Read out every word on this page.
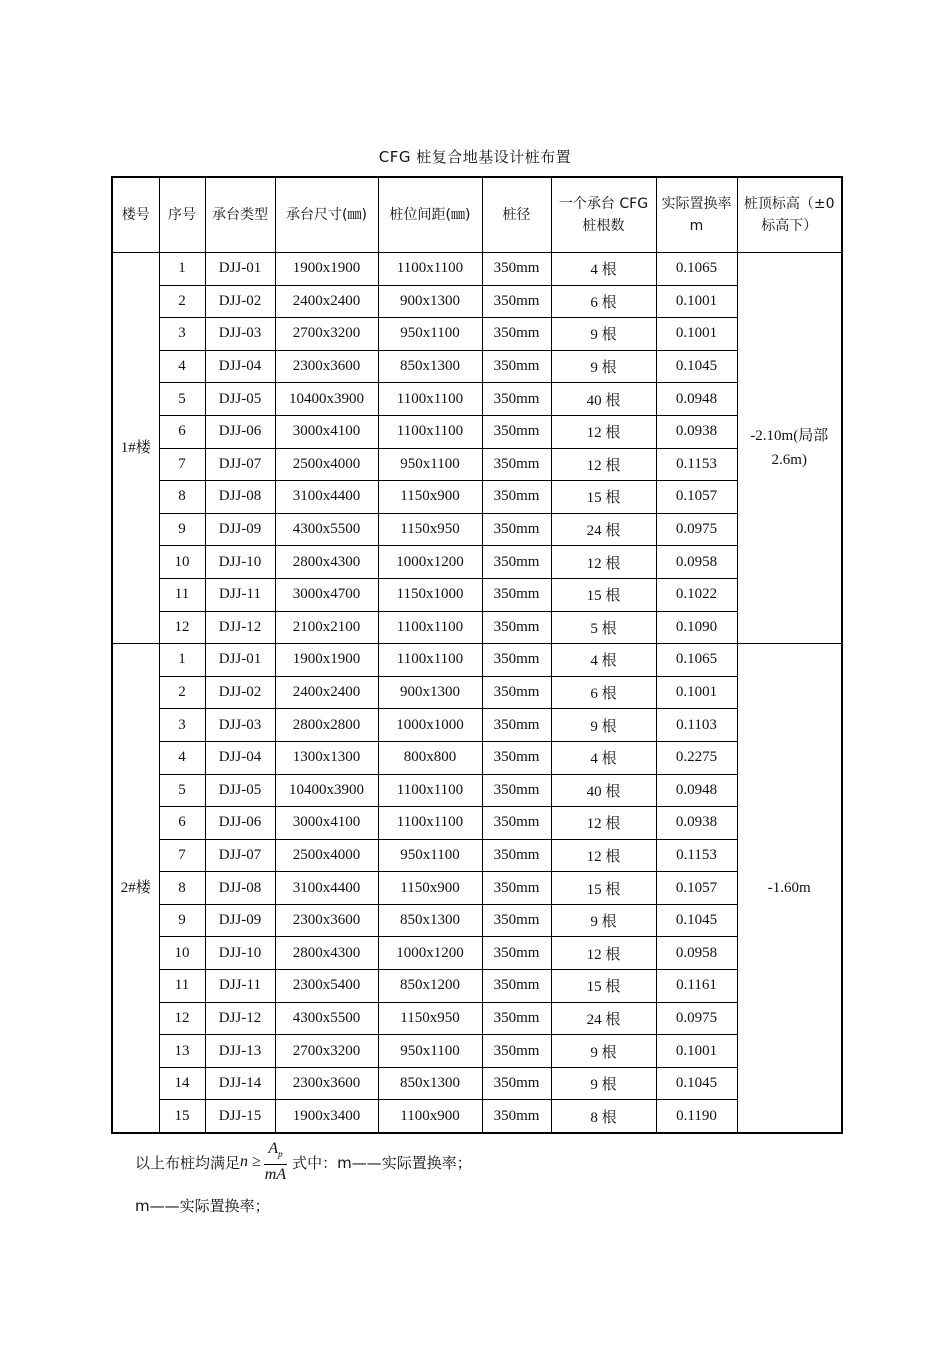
CFG 桩复合地基设计桩布置
楼号	序号	承台类型	承台尺寸(㎜)	桩位间距(㎜)	桩径	一个承台 CFG 桩根数	实际置换率 m	桩顶标高（±0 标高下）
1#楼	1	DJJ-01	1900x1900	1100x1100	350mm	4 根	0.1065	-2.10m(局部2.6m)
	2	DJJ-02	2400x2400	900x1300	350mm	6 根	0.1001	
	3	DJJ-03	2700x3200	950x1100	350mm	9 根	0.1001	
	4	DJJ-04	2300x3600	850x1300	350mm	9 根	0.1045	
	5	DJJ-05	10400x3900	1100x1100	350mm	40 根	0.0948	
	6	DJJ-06	3000x4100	1100x1100	350mm	12 根	0.0938	
	7	DJJ-07	2500x4000	950x1100	350mm	12 根	0.1153	
	8	DJJ-08	3100x4400	1150x900	350mm	15 根	0.1057	
	9	DJJ-09	4300x5500	1150x950	350mm	24 根	0.0975	
	10	DJJ-10	2800x4300	1000x1200	350mm	12 根	0.0958	
	11	DJJ-11	3000x4700	1150x1000	350mm	15 根	0.1022	
	12	DJJ-12	2100x2100	1100x1100	350mm	5 根	0.1090	
2#楼	1	DJJ-01	1900x1900	1100x1100	350mm	4 根	0.1065	-1.60m
	2	DJJ-02	2400x2400	900x1300	350mm	6 根	0.1001	
	3	DJJ-03	2800x2800	1000x1000	350mm	9 根	0.1103	
	4	DJJ-04	1300x1300	800x800	350mm	4 根	0.2275	
	5	DJJ-05	10400x3900	1100x1100	350mm	40 根	0.0948	
	6	DJJ-06	3000x4100	1100x1100	350mm	12 根	0.0938	
	7	DJJ-07	2500x4000	950x1100	350mm	12 根	0.1153	
	8	DJJ-08	3100x4400	1150x900	350mm	15 根	0.1057	
	9	DJJ-09	2300x3600	850x1300	350mm	9 根	0.1045	
	10	DJJ-10	2800x4300	1000x1200	350mm	12 根	0.0958	
	11	DJJ-11	2300x5400	850x1200	350mm	15 根	0.1161	
	12	DJJ-12	4300x5500	1150x950	350mm	24 根	0.0975	
	13	DJJ-13	2700x3200	950x1100	350mm	9 根	0.1001	
	14	DJJ-14	2300x3600	850x1300	350mm	9 根	0.1045	
	15	DJJ-15	1900x3400	1100x900	350mm	8 根	0.1190	
以上布桩均满足 $n \ge \frac{A_p}{mA}$ 式中：m——实际置换率；
m——实际置换率；
